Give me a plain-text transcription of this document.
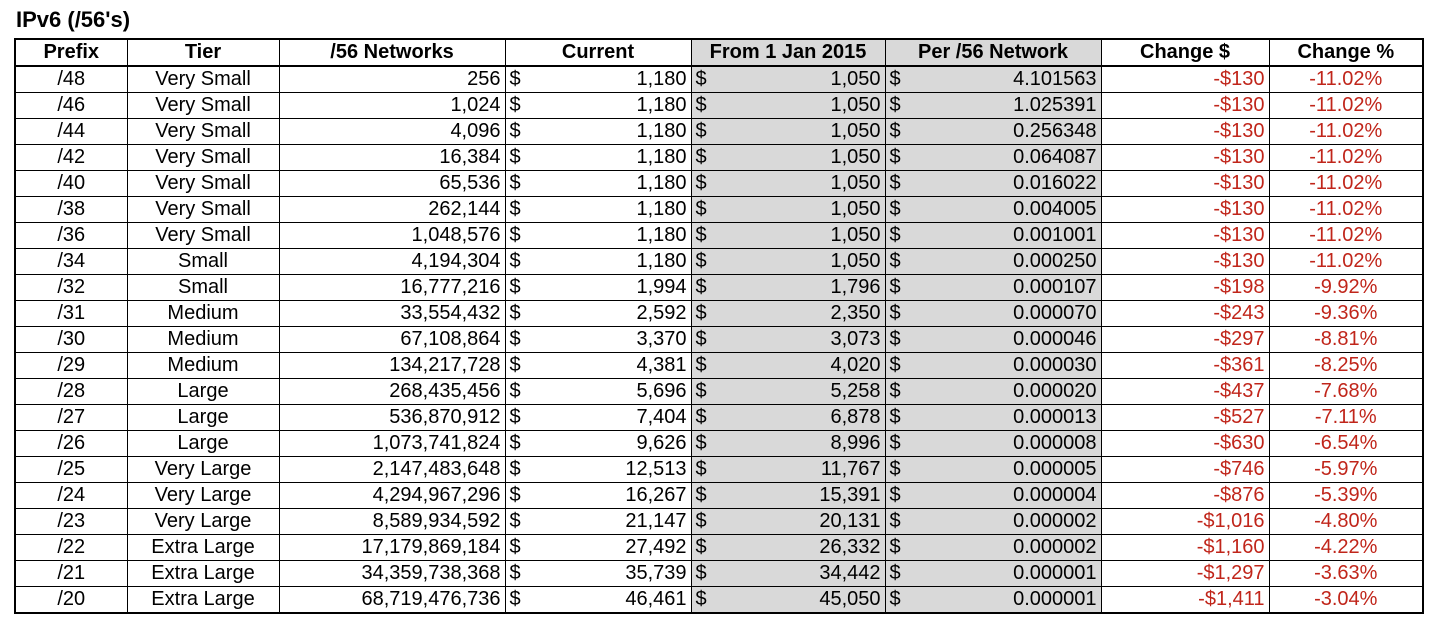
IPv6 (/56's)
Prefix	Tier	/56 Networks	Current		From 1 Jan 2015		Per /56 Network		Change $	Change %
/48	Very Small	256	$	1,180	$	1,050	$	4.101563	-$130	-11.02%
/46	Very Small	1,024	$	1,180	$	1,050	$	1.025391	-$130	-11.02%
/44	Very Small	4,096	$	1,180	$	1,050	$	0.256348	-$130	-11.02%
/42	Very Small	16,384	$	1,180	$	1,050	$	0.064087	-$130	-11.02%
/40	Very Small	65,536	$	1,180	$	1,050	$	0.016022	-$130	-11.02%
/38	Very Small	262,144	$	1,180	$	1,050	$	0.004005	-$130	-11.02%
/36	Very Small	1,048,576	$	1,180	$	1,050	$	0.001001	-$130	-11.02%
/34	Small	4,194,304	$	1,180	$	1,050	$	0.000250	-$130	-11.02%
/32	Small	16,777,216	$	1,994	$	1,796	$	0.000107	-$198	-9.92%
/31	Medium	33,554,432	$	2,592	$	2,350	$	0.000070	-$243	-9.36%
/30	Medium	67,108,864	$	3,370	$	3,073	$	0.000046	-$297	-8.81%
/29	Medium	134,217,728	$	4,381	$	4,020	$	0.000030	-$361	-8.25%
/28	Large	268,435,456	$	5,696	$	5,258	$	0.000020	-$437	-7.68%
/27	Large	536,870,912	$	7,404	$	6,878	$	0.000013	-$527	-7.11%
/26	Large	1,073,741,824	$	9,626	$	8,996	$	0.000008	-$630	-6.54%
/25	Very Large	2,147,483,648	$	12,513	$	11,767	$	0.000005	-$746	-5.97%
/24	Very Large	4,294,967,296	$	16,267	$	15,391	$	0.000004	-$876	-5.39%
/23	Very Large	8,589,934,592	$	21,147	$	20,131	$	0.000002	-$1,016	-4.80%
/22	Extra Large	17,179,869,184	$	27,492	$	26,332	$	0.000002	-$1,160	-4.22%
/21	Extra Large	34,359,738,368	$	35,739	$	34,442	$	0.000001	-$1,297	-3.63%
/20	Extra Large	68,719,476,736	$	46,461	$	45,050	$	0.000001	-$1,411	-3.04%
